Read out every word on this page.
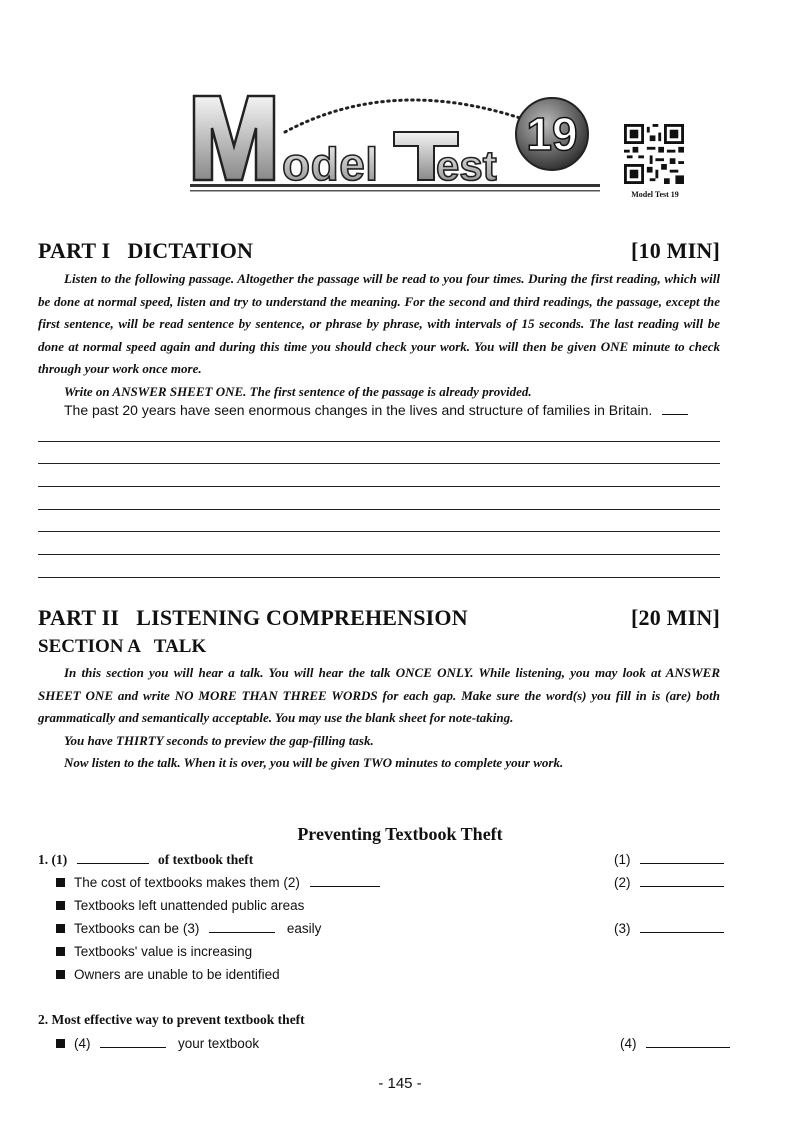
odel est
19
Model Test 19
PART I   DICTATION	[10 MIN]

Listen to the following passage. Altogether the passage will be read to you four times. During the first reading, which will be done at normal speed, listen and try to understand the meaning. For the second and third readings, the passage, except the first sentence, will be read sentence by sentence, or phrase by phrase, with intervals of 15 seconds. The last reading will be done at normal speed again and during this time you should check your work. You will then be given ONE minute to check through your work once more.

Write on ANSWER SHEET ONE. The first sentence of the passage is already provided.

The past 20 years have seen enormous changes in the lives and structure of families in Britain.
PART II   LISTENING COMPREHENSION	[20 MIN]
SECTION A   TALK

In this section you will hear a talk. You will hear the talk ONCE ONLY. While listening, you may look at ANSWER SHEET ONE and write NO MORE THAN THREE WORDS for each gap. Make sure the word(s) you fill in is (are) both grammatically and semantically acceptable. You may use the blank sheet for note-taking.

You have THIRTY seconds to preview the gap-filling task.

Now listen to the talk. When it is over, you will be given TWO minutes to complete your work.

Preventing Textbook Theft
1. (1)	of textbook theft
The cost of textbooks makes them (2)
Textbooks left unattended public areas
Textbooks can be (3)	easily
Textbooks' value is increasing
Owners are unable to be identified
2. Most effective way to prevent textbook theft
(4)	your textbook
(1)
(2)
(3)
(4)
- 145 -
